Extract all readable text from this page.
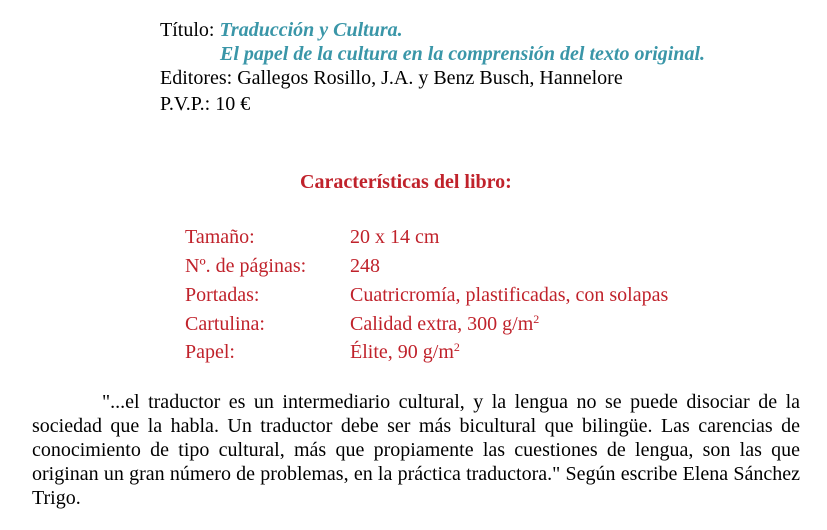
Título: Traducción y Cultura.
El papel de la cultura en la comprensión del texto original.
Editores: Gallegos Rosillo, J.A. y Benz Busch, Hannelore
P.V.P.: 10 €
Características del libro:
Tamaño:	20 x 14 cm
Nº. de páginas: 248
Portadas:	Cuatricromía, plastificadas, con solapas
Cartulina:	Calidad extra, 300 $g/m^2$
Papel:	Élite, 90 $g/m^2$

"...el traductor es un intermediario cultural, y la lengua no se puede disociar de la sociedad que la habla. Un traductor debe ser más bicultural que bilingüe. Las carencias de conocimiento de tipo cultural, más que propiamente las cuestiones de lengua, son las que originan un gran número de problemas, en la práctica traductora." Según escribe Elena Sánchez Trigo.
